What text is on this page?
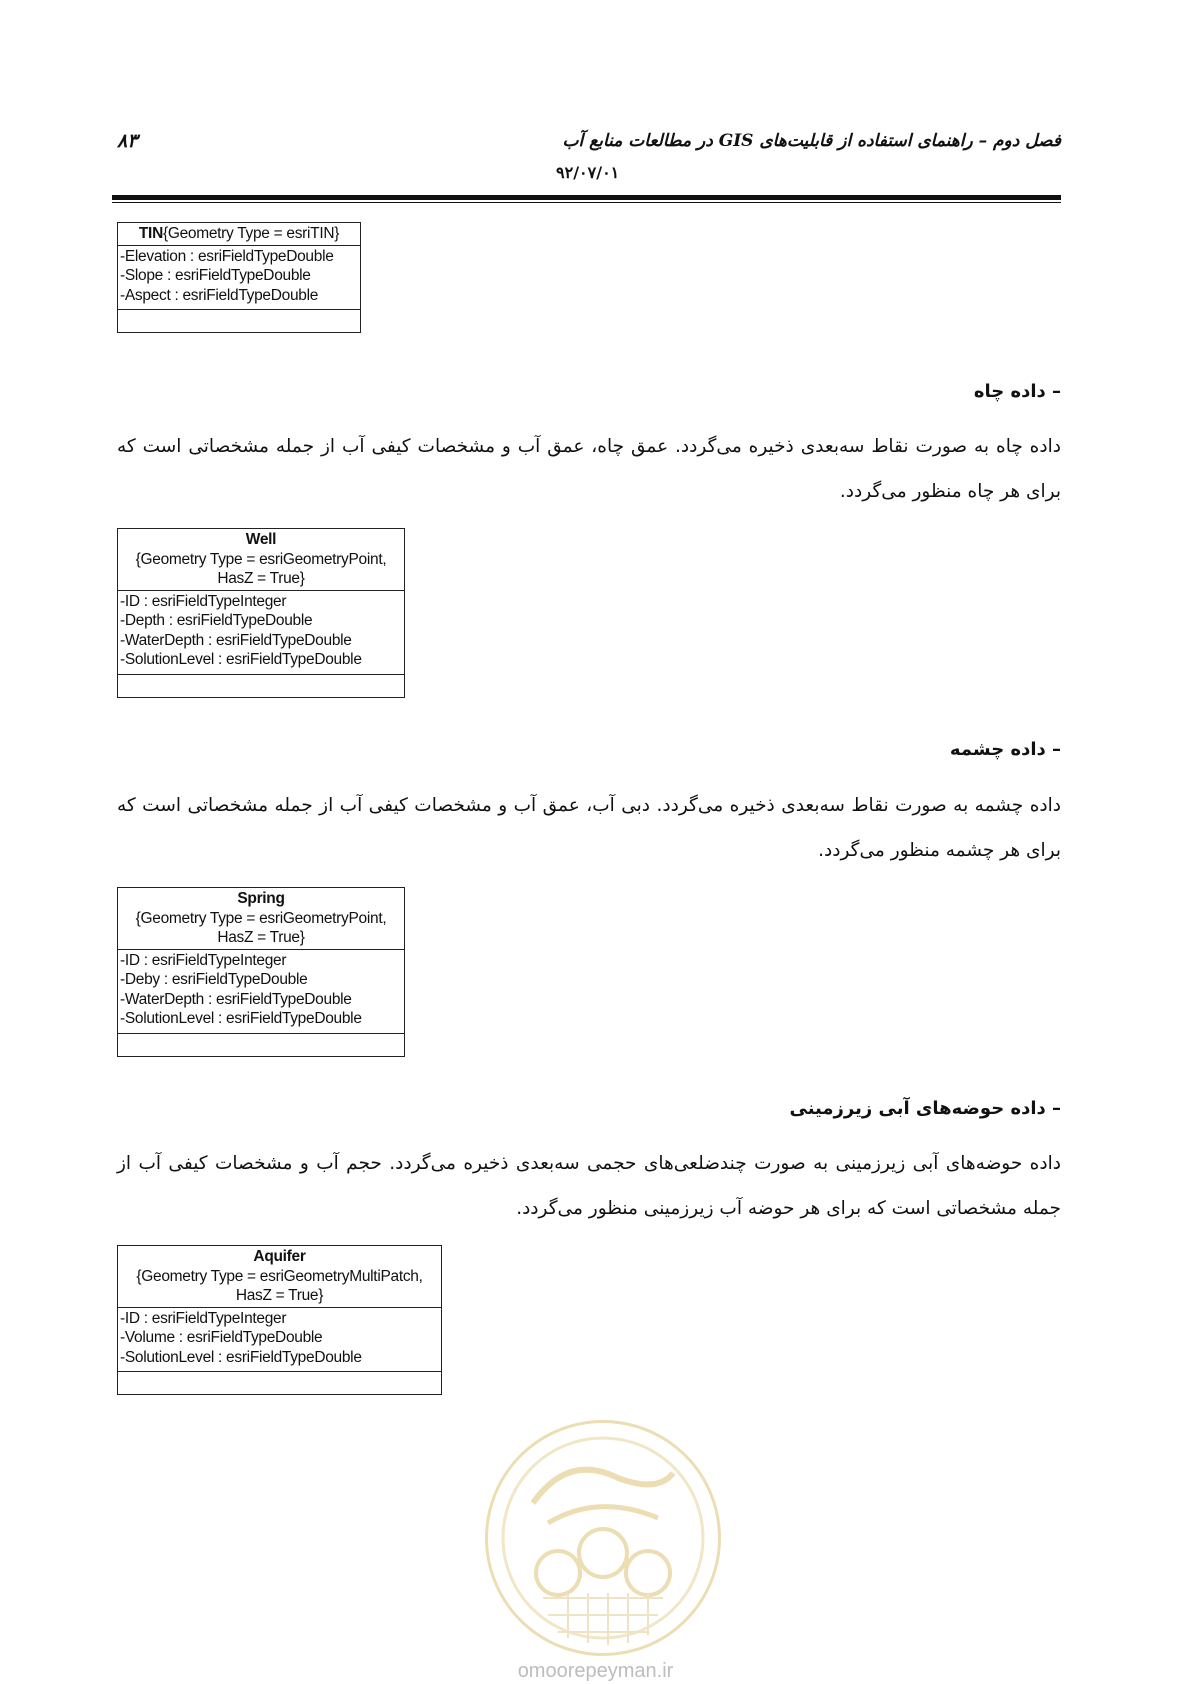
فصل دوم – راهنمای استفاده از قابلیت‌های GIS در مطالعات منابع آب
۸۳
۹۲/۰۷/۰۱
TIN{Geometry Type = esriTIN}
-Elevation : esriFieldTypeDouble
-Slope : esriFieldTypeDouble
-Aspect : esriFieldTypeDouble
– داده چاه
داده چاه به صورت نقاط سه‌بعدی ذخیره می‌گردد. عمق چاه، عمق آب و مشخصات کیفی آب از جمله مشخصاتی است که برای هر چاه منظور می‌گردد.
Well
{Geometry Type = esriGeometryPoint,
HasZ = True}
-ID : esriFieldTypeInteger
-Depth : esriFieldTypeDouble
-WaterDepth : esriFieldTypeDouble
-SolutionLevel : esriFieldTypeDouble
– داده چشمه
داده چشمه به صورت نقاط سه‌بعدی ذخیره می‌گردد. دبی آب، عمق آب و مشخصات کیفی آب از جمله مشخصاتی است که برای هر چشمه منظور می‌گردد.
Spring
{Geometry Type = esriGeometryPoint,
HasZ = True}
-ID : esriFieldTypeInteger
-Deby : esriFieldTypeDouble
-WaterDepth : esriFieldTypeDouble
-SolutionLevel : esriFieldTypeDouble
– داده حوضه‌های آبی زیرزمینی
داده حوضه‌های آبی زیرزمینی به صورت چندضلعی‌های حجمی سه‌بعدی ذخیره می‌گردد. حجم آب و مشخصات کیفی آب از جمله مشخصاتی است که برای هر حوضه آب زیرزمینی منظور می‌گردد.
Aquifer
{Geometry Type = esriGeometryMultiPatch,
HasZ = True}
-ID : esriFieldTypeInteger
-Volume : esriFieldTypeDouble
-SolutionLevel : esriFieldTypeDouble
omoorepeyman.ir
